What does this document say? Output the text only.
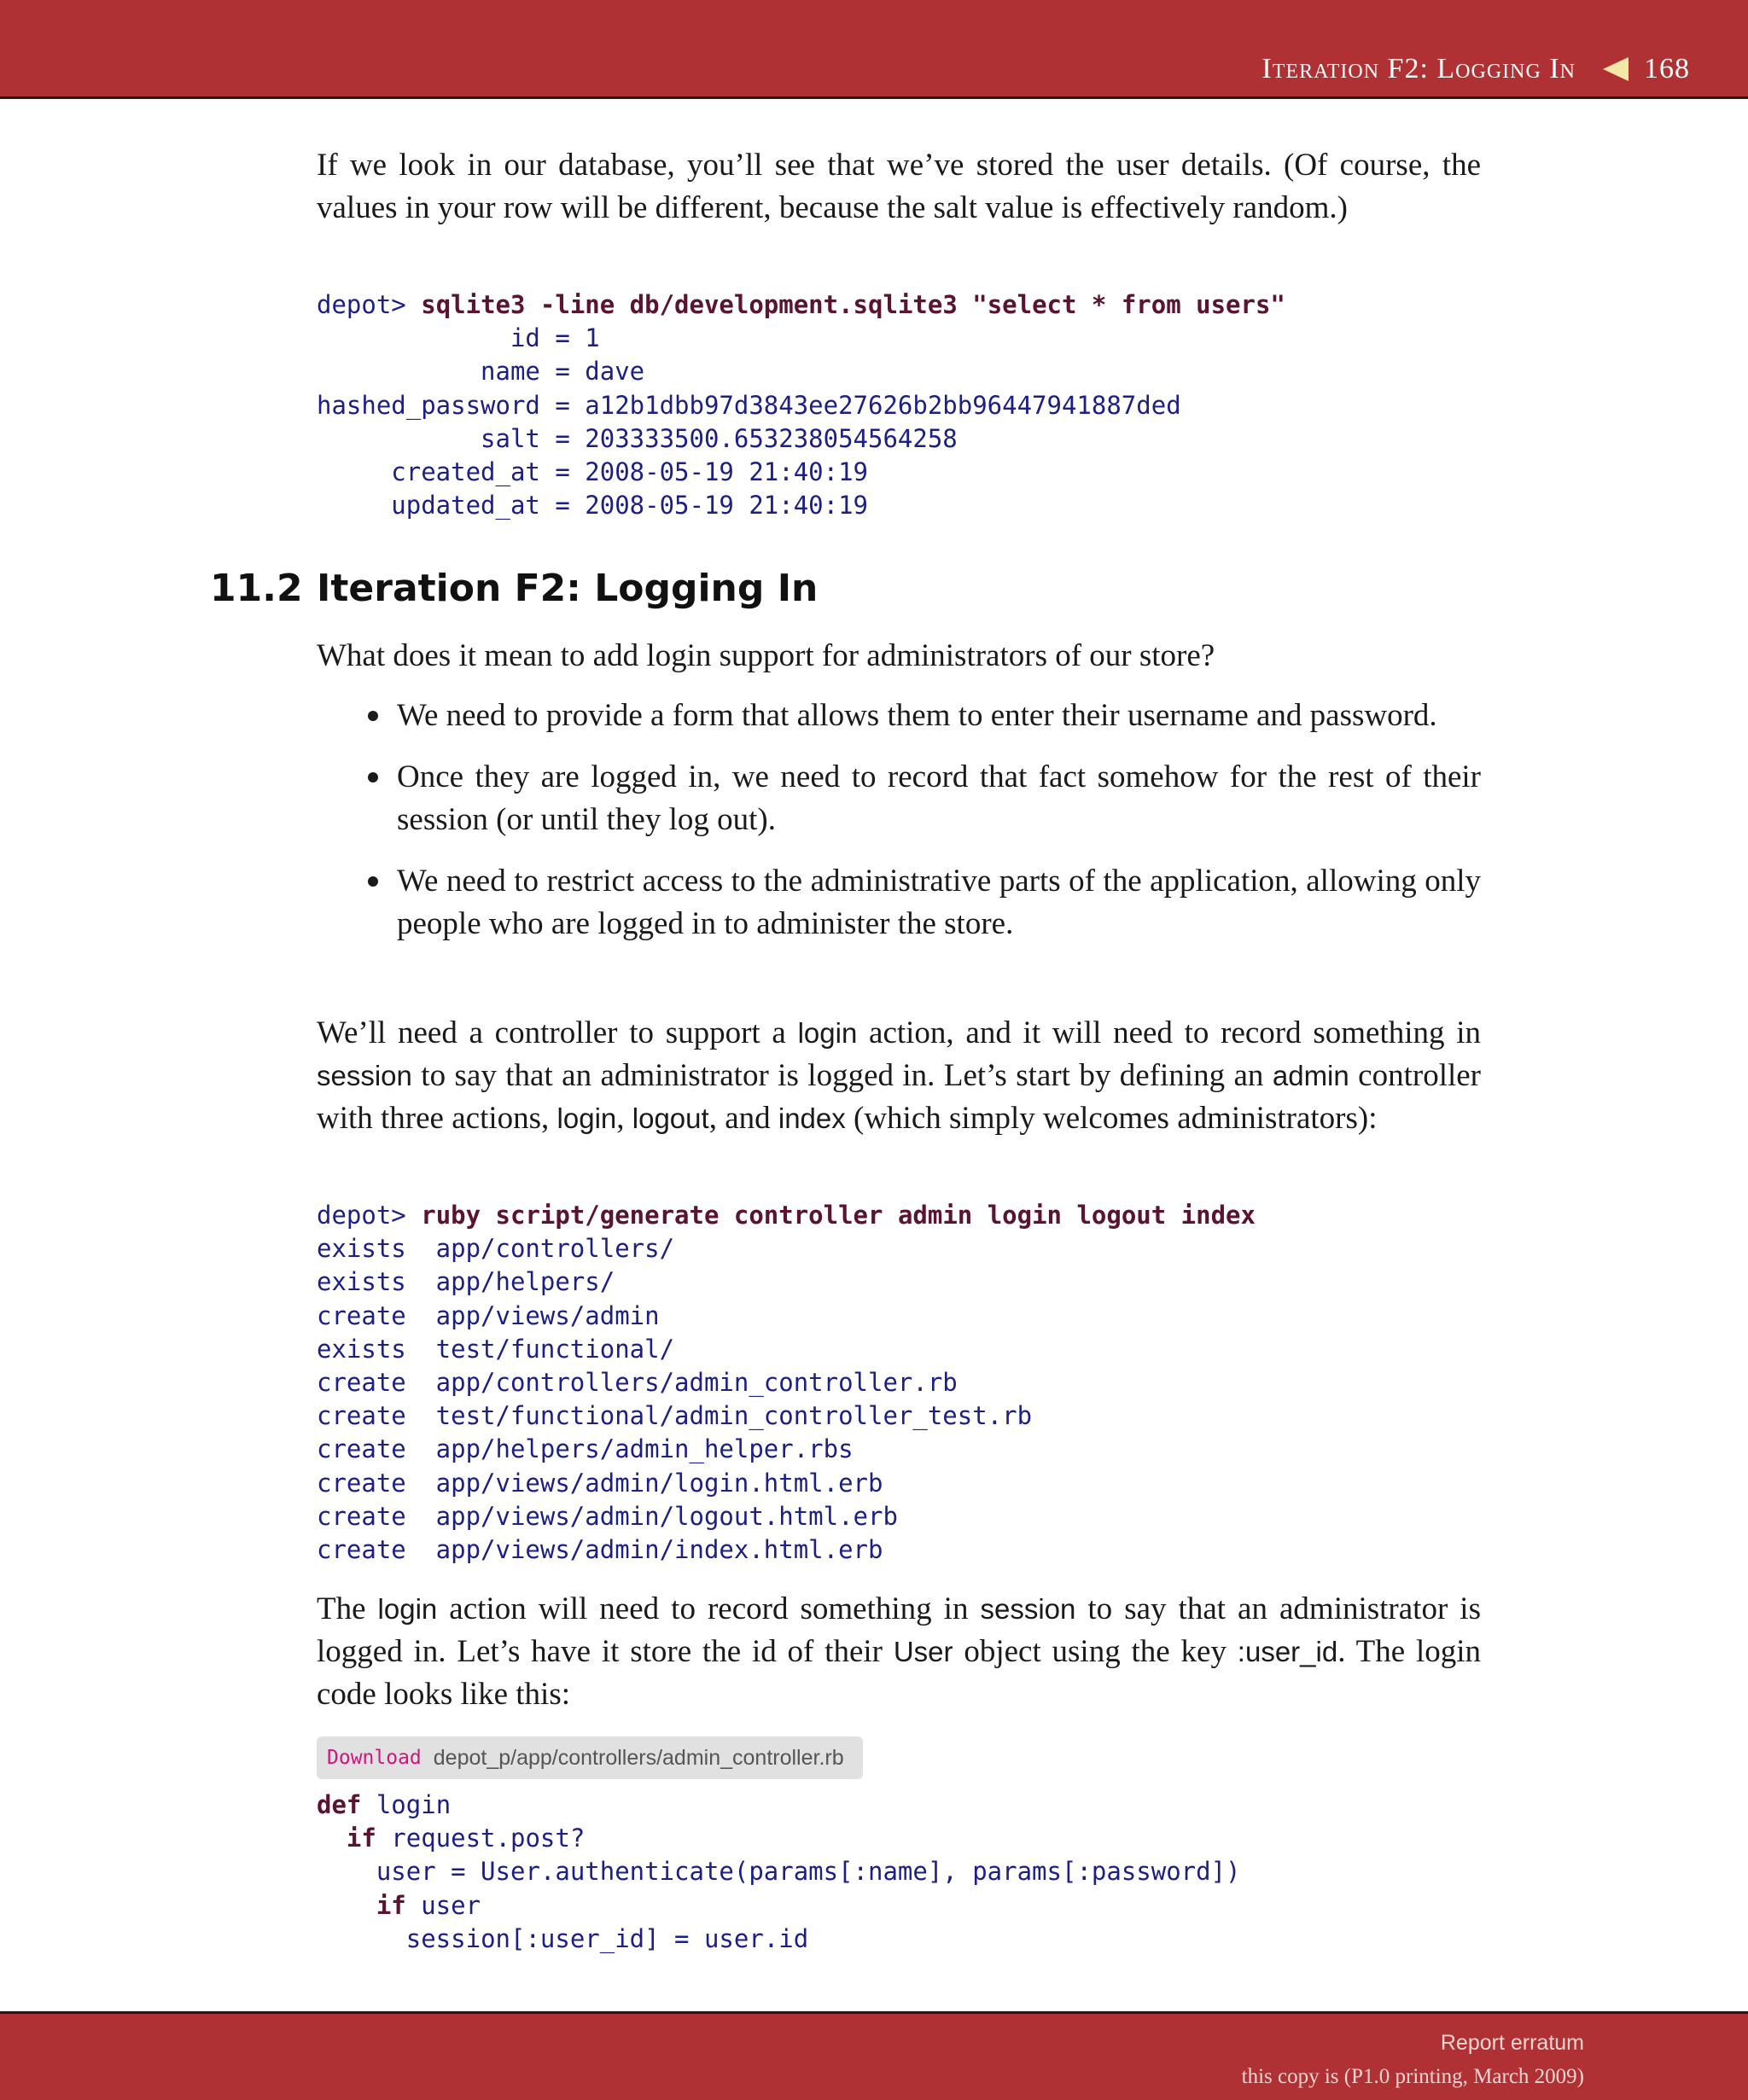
Iteration F2: Logging In 168

If we look in our database, you’ll see that we’ve stored the user details. (Of course, the values in your row will be different, because the salt value is effectively random.)

depot> sqlite3 -line db/development.sqlite3 "select * from users"
id = 1
name = dave
hashed_password = a12b1dbb97d3843ee27626b2bb96447941887ded
salt = 203333500.653238054564258
created_at = 2008-05-19 21:40:19
updated_at = 2008-05-19 21:40:19
11.2 Iteration F2: Logging In

What does it mean to add login support for administrators of our store?

We need to provide a form that allows them to enter their username and password.
Once they are logged in, we need to record that fact somehow for the rest of their session (or until they log out).
We need to restrict access to the administrative parts of the application, allowing only people who are logged in to administer the store.

We’ll need a controller to support a login action, and it will need to record something in session to say that an administrator is logged in. Let’s start by defining an admin controller with three actions, login, logout, and index (which simply welcomes administrators):

depot> ruby script/generate controller admin login logout index
exists  app/controllers/
exists  app/helpers/
create  app/views/admin
exists  test/functional/
create  app/controllers/admin_controller.rb
create  test/functional/admin_controller_test.rb
create  app/helpers/admin_helper.rbs
create  app/views/admin/login.html.erb
create  app/views/admin/logout.html.erb
create  app/views/admin/index.html.erb

The login action will need to record something in session to say that an administrator is logged in. Let’s have it store the id of their User object using the key :user_id. The login code looks like this:

Download depot_p/app/controllers/admin_controller.rb
def login
if request.post?
user = User.authenticate(params[:name], params[:password])
if user
session[:user_id] = user.id
Report erratum
this copy is (P1.0 printing, March 2009)
